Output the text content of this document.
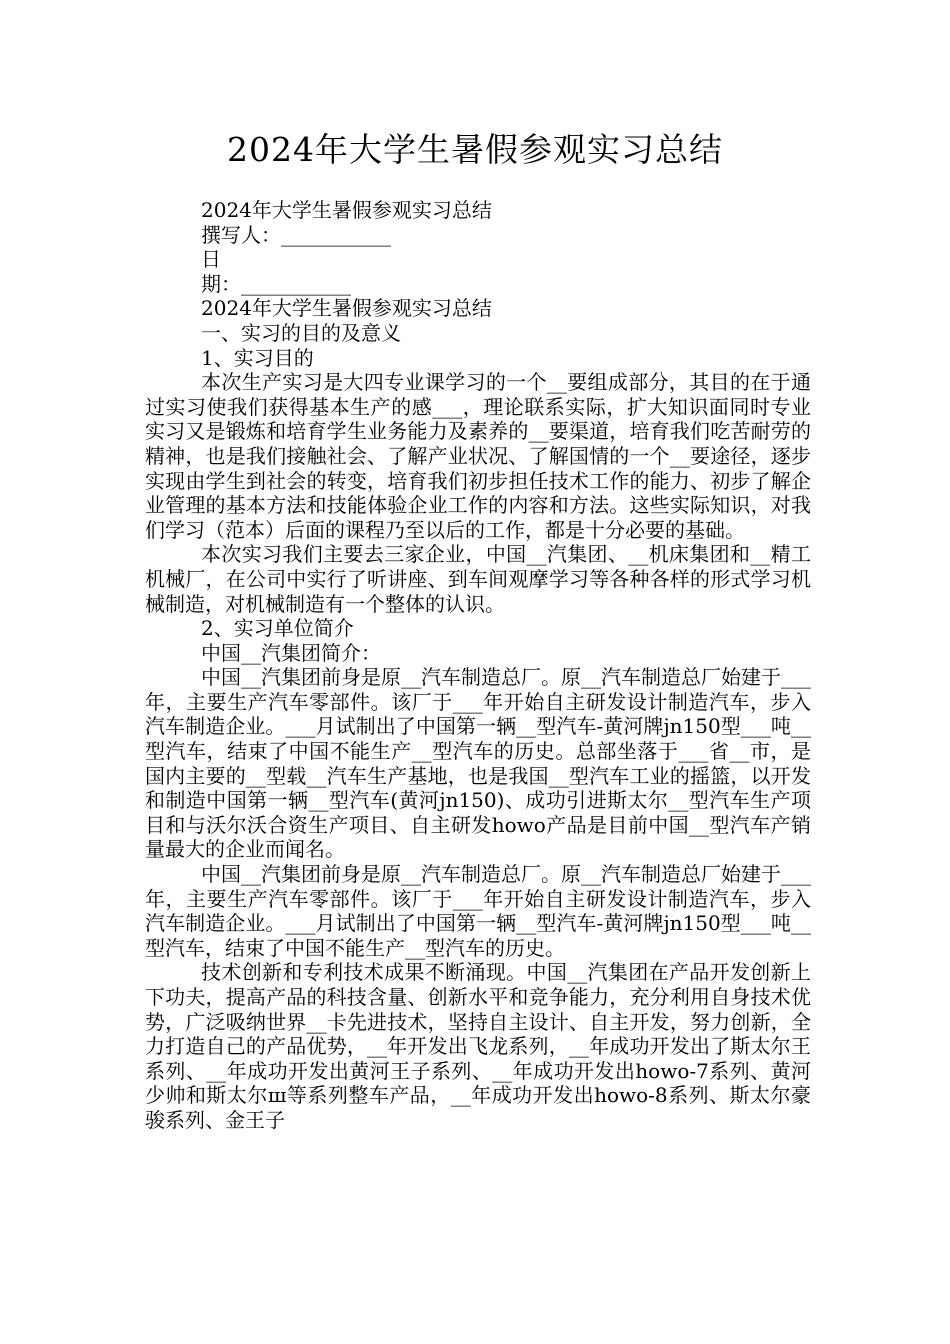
2024年大学生暑假参观实习总结

2024年大学生暑假参观实习总结

撰写人：___________

日

期：___________

2024年大学生暑假参观实习总结

一、实习的目的及意义

1、实习目的

本次生产实习是大四专业课学习的一个__要组成部分，其目的在于通过实习使我们获得基本生产的感___，理论联系实际，扩大知识面同时专业实习又是锻炼和培育学生业务能力及素养的__要渠道，培育我们吃苦耐劳的精神，也是我们接触社会、了解产业状况、了解国情的一个__要途径，逐步实现由学生到社会的转变，培育我们初步担任技术工作的能力、初步了解企业管理的基本方法和技能体验企业工作的内容和方法。这些实际知识，对我们学习（范本）后面的课程乃至以后的工作，都是十分必要的基础。

本次实习我们主要去三家企业，中国__汽集团、__机床集团和__精工机械厂，在公司中实行了听讲座、到车间观摩学习等各种各样的形式学习机械制造，对机械制造有一个整体的认识。

2、实习单位简介

中国__汽集团简介：

中国__汽集团前身是原__汽车制造总厂。原__汽车制造总厂始建于___年，主要生产汽车零部件。该厂于___年开始自主研发设计制造汽车，步入汽车制造企业。___月试制出了中国第一辆__型汽车-黄河牌jn150型___吨__型汽车，结束了中国不能生产__型汽车的历史。总部坐落于___省__市，是国内主要的__型载__汽车生产基地，也是我国__型汽车工业的摇篮，以开发和制造中国第一辆__型汽车(黄河jn150)、成功引进斯太尔__型汽车生产项目和与沃尔沃合资生产项目、自主研发howo产品是目前中国__型汽车产销量最大的企业而闻名。

中国__汽集团前身是原__汽车制造总厂。原__汽车制造总厂始建于___年，主要生产汽车零部件。该厂于___年开始自主研发设计制造汽车，步入汽车制造企业。___月试制出了中国第一辆__型汽车-黄河牌jn150型___吨__型汽车，结束了中国不能生产__型汽车的历史。

技术创新和专利技术成果不断涌现。中国__汽集团在产品开发创新上下功夫，提高产品的科技含量、创新水平和竞争能力，充分利用自身技术优势，广泛吸纳世界__卡先进技术，坚持自主设计、自主开发，努力创新，全力打造自己的产品优势，__年开发出飞龙系列，__年成功开发出了斯太尔王系列、__年成功开发出黄河王子系列、__年成功开发出howo-7系列、黄河少帅和斯太尔ш等系列整车产品，__年成功开发出howo-8系列、斯太尔豪骏系列、金王子
